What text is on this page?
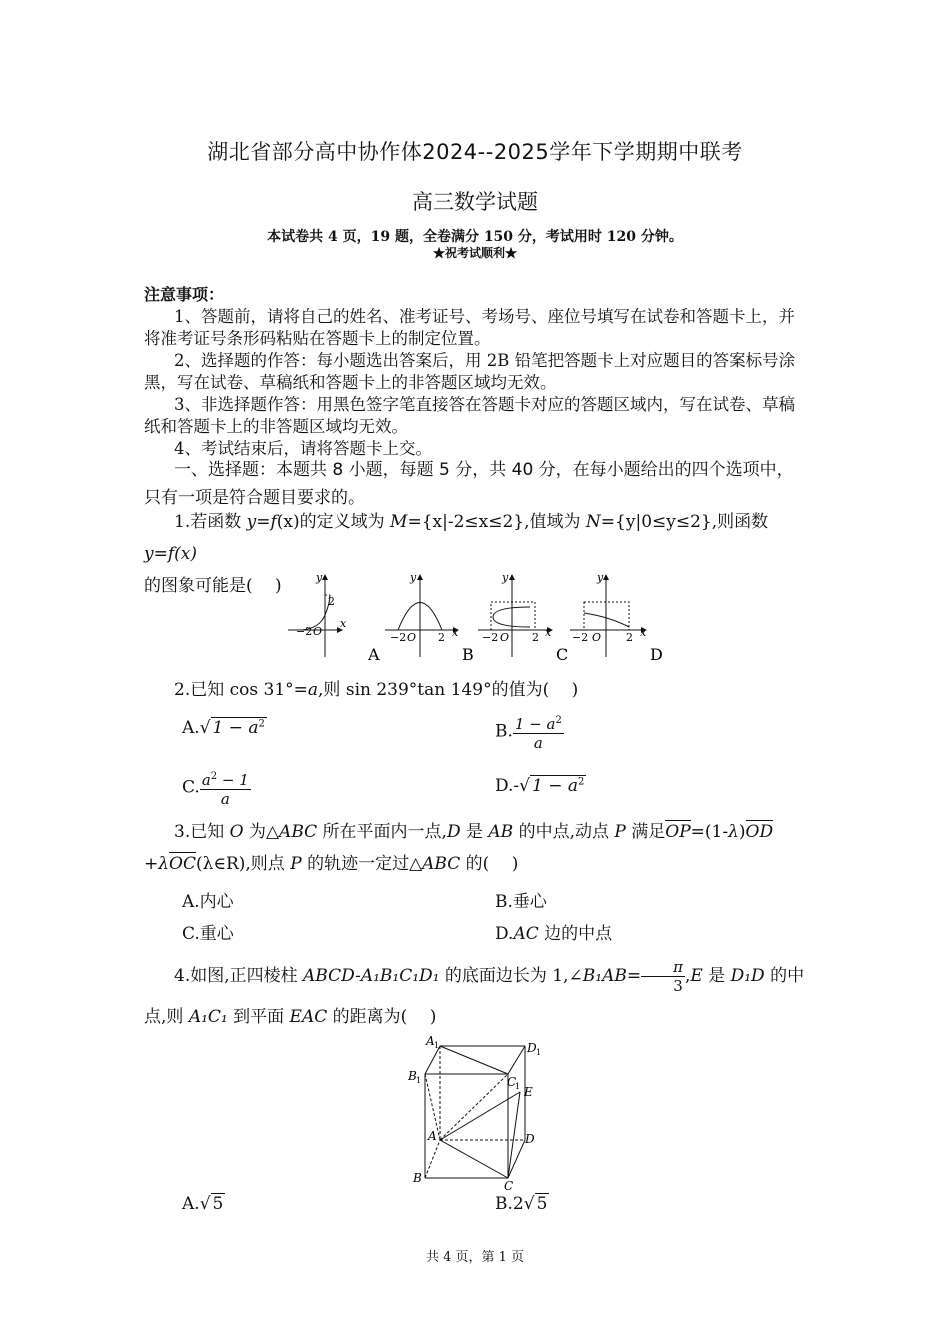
湖北省部分高中协作体2024--2025学年下学期期中联考
高三数学试题
本试卷共 4 页，19 题，全卷满分 150 分，考试用时 120 分钟。
★祝考试顺利★

注意事项：

1、答题前，请将自己的姓名、准考证号、考场号、座位号填写在试卷和答题卡上，并将准考证号条形码粘贴在答题卡上的制定位置。

2、选择题的作答：每小题选出答案后，用 2B 铅笔把答题卡上对应题目的答案标号涂黑，写在试卷、草稿纸和答题卡上的非答题区域均无效。

3、非选择题作答：用黑色签字笔直接答在答题卡对应的答题区域内，写在试卷、草稿纸和答题卡上的非答题区域均无效。

4、考试结束后，请将答题卡上交。

一、选择题：本题共 8 小题，每题 5 分，共 40 分，在每小题给出的四个选项中，只有一项是符合题目要求的。
1.若函数 y=f(x)的定义域为 M={x|-2≤x≤2},值域为 N={y|0≤y≤2},则函数 y=f(x)
的图象可能是(　 )
−2 O
2
x
y
−2 O 2 x
y
−2 O 2 x
y
−2 O 2 x
y
A	B	C	D
2.已知 cos 31°=a,则 sin 239°tan 149°的值为(　 )
A.√ $1 - a^2$	B. $\frac{1 - a^2}{a}$
C. $\frac{a^2 - 1}{a}$	D.-√ $1 - a^2$
3.已知 O 为△ABC 所在平面内一点,D 是 AB 的中点,动点 P 满足OP=(1-λ)OD
+λOC(λ∈R),则点 P 的轨迹一定过△ABC 的(　 )
A.内心	B.垂心
C.重心	D.AC 边的中点
4.如图,正四棱柱 ABCD-A₁B₁C₁D₁ 的底面边长为 1,∠B₁AB= $\frac{\pi}{3} ,E$ 是 D₁D 的中
点,则 A₁C₁ 到平面 EAC 的距离为(　 )
A 1	D 1
B 1	C
1 E
A	D
B
C
A.√ 5	B.2√ 5
共 4 页，第 1 页
